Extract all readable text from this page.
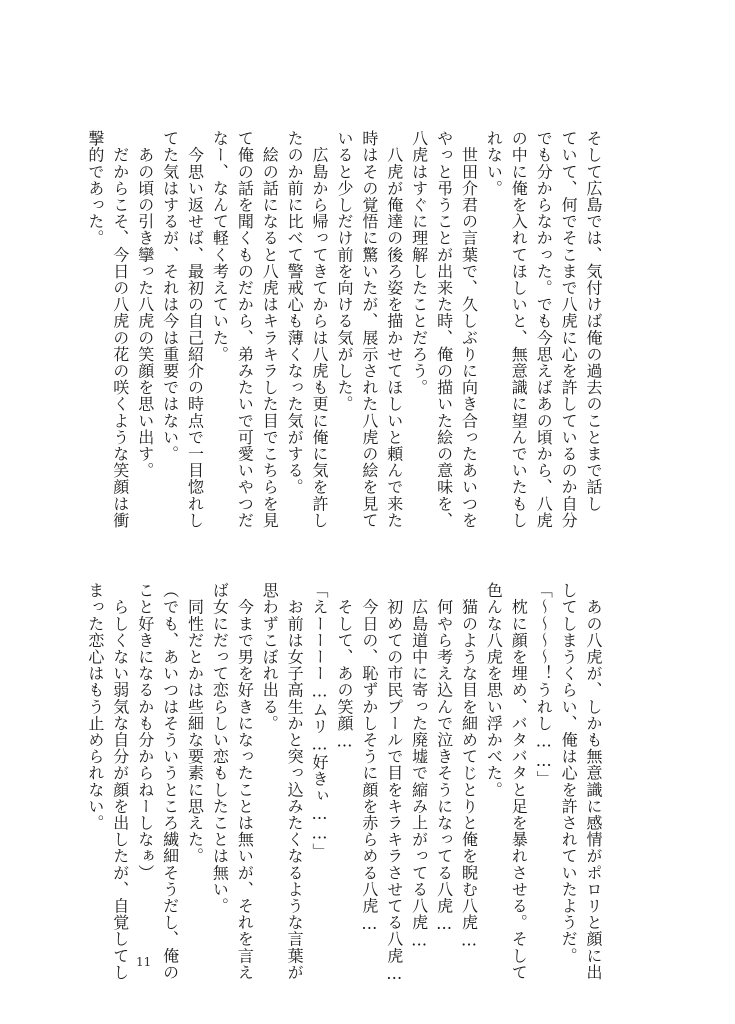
そして広島では、気付けば俺の過去のことまで話し
ていて、何でそこまで八虎に心を許しているのか自分
でも分からなかった。でも今思えばあの頃から、八虎
の中に俺を入れてほしいと、無意識に望んでいたもし
れない。
　世田介君の言葉で、久しぶりに向き合ったあいつを
やっと弔うことが出来た時、俺の描いた絵の意味を、
八虎はすぐに理解したことだろう。
　八虎が俺達の後ろ姿を描かせてほしいと頼んで来た
時はその覚悟に驚いたが、展示された八虎の絵を見て
いると少しだけ前を向ける気がした。
　広島から帰ってきてからは八虎も更に俺に気を許し
たのか前に比べて警戒心も薄くなった気がする。
　絵の話になると八虎はキラキラした目でこちらを見
て俺の話を聞くものだから、弟みたいで可愛いやつだ
なー、なんて軽く考えていた。
　今思い返せば、最初の自己紹介の時点で一目惚れし
てた気はするが、それは今は重要ではない。
　あの頃の引き攣った八虎の笑顔を思い出す。
　だからこそ、今日の八虎の花の咲くような笑顔は衝
撃的であった。
　あの八虎が、しかも無意識に感情がポロリと顔に出
してしまうくらい、俺は心を許されていたようだ。
「〜〜〜〜！うれし……」
　枕に顔を埋め、バタバタと足を暴れさせる。そして
色んな八虎を思い浮かべた。
　猫のような目を細めてじとりと俺を睨む八虎…
　何やら考え込んで泣きそうになってる八虎…
　広島道中に寄った廃墟で縮み上がってる八虎…
　初めての市民プールで目をキラキラさせてる八虎…
　今日の、恥ずかしそうに顔を赤らめる八虎…
　そして、あの笑顔…
「えーーーー…ムリ…好きぃ……」
　お前は女子高生かと突っ込みたくなるような言葉が
思わずこぼれ出る。
　今まで男を好きになったことは無いが、それを言え
ば女にだって恋らしい恋もしたことは無い。
　同性だとかは些細な要素に思えた。
（でも、あいつはそういうところ繊細そうだし、俺の
こと好きになるかも分からねーしなぁ）
　らしくない弱気な自分が顔を出したが、自覚してし
まった恋心はもう止められない。
11
